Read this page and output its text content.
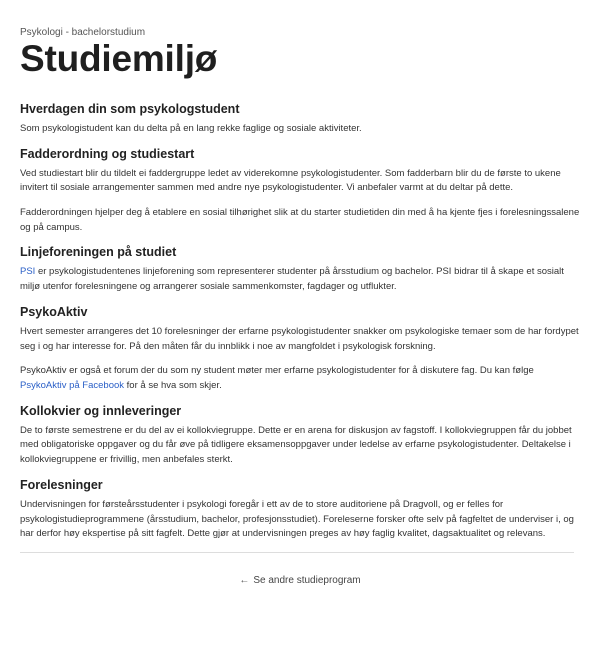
Psykologi - bachelorstudium
Studiemiljø
Hverdagen din som psykologstudent

Som psykologistudent kan du delta på en lang rekke faglige og sosiale aktiviteter.

Fadderordning og studiestart

Ved studiestart blir du tildelt ei faddergruppe ledet av viderekomne psykologistudenter. Som fadderbarn blir du de første to ukene invitert til sosiale arrangementer sammen med andre nye psykologistudenter. Vi anbefaler varmt at du deltar på dette.

Fadderordningen hjelper deg å etablere en sosial tilhørighet slik at du starter studietiden din med å ha kjente fjes i forelesningssalene og på campus.

Linjeforeningen på studiet

PSI er psykologistudentenes linjeforening som representerer studenter på årsstudium og bachelor. PSI bidrar til å skape et sosialt miljø utenfor forelesningene og arrangerer sosiale sammenkomster, fagdager og utflukter.

PsykoAktiv

Hvert semester arrangeres det 10 forelesninger der erfarne psykologistudenter snakker om psykologiske temaer som de har fordypet seg i og har interesse for. På den måten får du innblikk i noe av mangfoldet i psykologisk forskning.

PsykoAktiv er også et forum der du som ny student møter mer erfarne psykologistudenter for å diskutere fag. Du kan følge PsykoAktiv på Facebook for å se hva som skjer.

Kollokvier og innleveringer

De to første semestrene er du del av ei kollokviegruppe. Dette er en arena for diskusjon av fagstoff. I kollokviegruppen får du jobbet med obligatoriske oppgaver og du får øve på tidligere eksamensoppgaver under ledelse av erfarne psykologistudenter. Deltakelse i kollokviegruppene er frivillig, men anbefales sterkt.

Forelesninger

Undervisningen for førsteårsstudenter i psykologi foregår i ett av de to store auditoriene på Dragvoll, og er felles for psykologistudieprogrammene (årsstudium, bachelor, profesjonsstudiet). Foreleserne forsker ofte selv på fagfeltet de underviser i, og har derfor høy ekspertise på sitt fagfelt. Dette gjør at undervisningen preges av høy faglig kvalitet, dagsaktualitet og relevans.

← Se andre studieprogram
